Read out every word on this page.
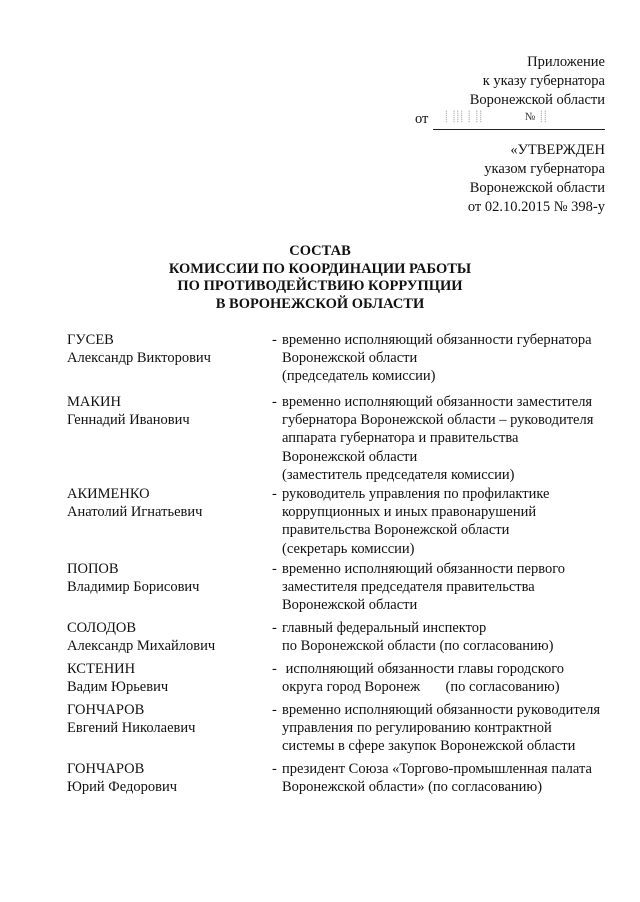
Приложение
к указу губернатора
Воронежской области
от ⸽ ⸽⸽⸽ ⸽ ⸽⸽	№ ⸽⸽
«УТВЕРЖДЕН
указом губернатора
Воронежской области
от 02.10.2015 № 398-у
СОСТАВ
КОМИССИИ ПО КООРДИНАЦИИ РАБОТЫ
ПО ПРОТИВОДЕЙСТВИЮ КОРРУПЦИИ
В ВОРОНЕЖСКОЙ ОБЛАСТИ
ГУСЕВ
Александр Викторович
- временно исполняющий обязанности губернатора
Воронежской области
(председатель комиссии)
МАКИН
Геннадий Иванович
- временно исполняющий обязанности заместителя
губернатора Воронежской области – руководителя
аппарата губернатора и правительства
Воронежской области
(заместитель председателя комиссии)
АКИМЕНКО
Анатолий Игнатьевич
- руководитель управления по профилактике
коррупционных и иных правонарушений
правительства Воронежской области
(секретарь комиссии)
ПОПОВ
Владимир Борисович
- временно исполняющий обязанности первого
заместителя председателя правительства
Воронежской области
СОЛОДОВ
Александр Михайлович
- главный федеральный инспектор
по Воронежской области (по согласованию)
КСТЕНИН
Вадим Юрьевич
- исполняющий обязанности главы городского
округа город Воронеж       (по согласованию)
ГОНЧАРОВ
Евгений Николаевич
- временно исполняющий обязанности руководителя
управления по регулированию контрактной
системы в сфере закупок Воронежской области
ГОНЧАРОВ
Юрий Федорович
- президент Союза «Торгово-промышленная палата
Воронежской области» (по согласованию)
